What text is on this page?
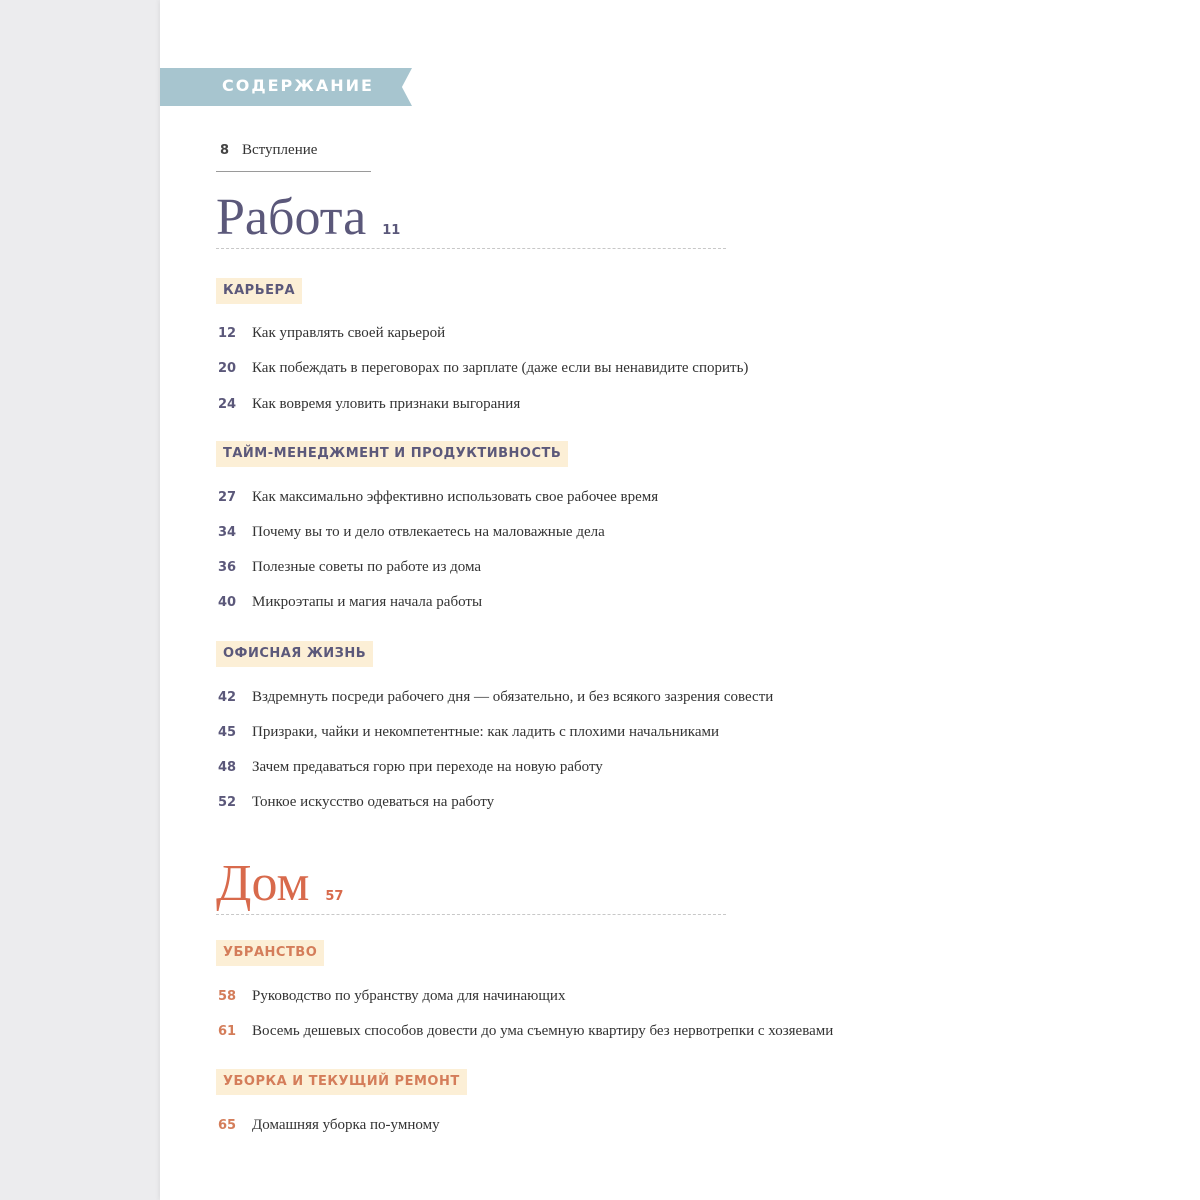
СОДЕРЖАНИЕ
8 Вступление
Работа 11
КАРЬЕРА
12	Как управлять своей карьерой
20	Как побеждать в переговорах по зарплате (даже если вы ненавидите спорить)
24	Как вовремя уловить признаки выгорания
ТАЙМ-МЕНЕДЖМЕНТ И ПРОДУКТИВНОСТЬ
27	Как максимально эффективно использовать свое рабочее время
34	Почему вы то и дело отвлекаетесь на маловажные дела
36	Полезные советы по работе из дома
40	Микроэтапы и магия начала работы
ОФИСНАЯ ЖИЗНЬ
42	Вздремнуть посреди рабочего дня — обязательно, и без всякого зазрения совести
45	Призраки, чайки и некомпетентные: как ладить с плохими начальниками
48	Зачем предаваться горю при переходе на новую работу
52	Тонкое искусство одеваться на работу
Дом 57
УБРАНСТВО
58	Руководство по убранству дома для начинающих
61	Восемь дешевых способов довести до ума съемную квартиру без нервотрепки с хозяевами
УБОРКА И ТЕКУЩИЙ РЕМОНТ
65	Домашняя уборка по-умному
